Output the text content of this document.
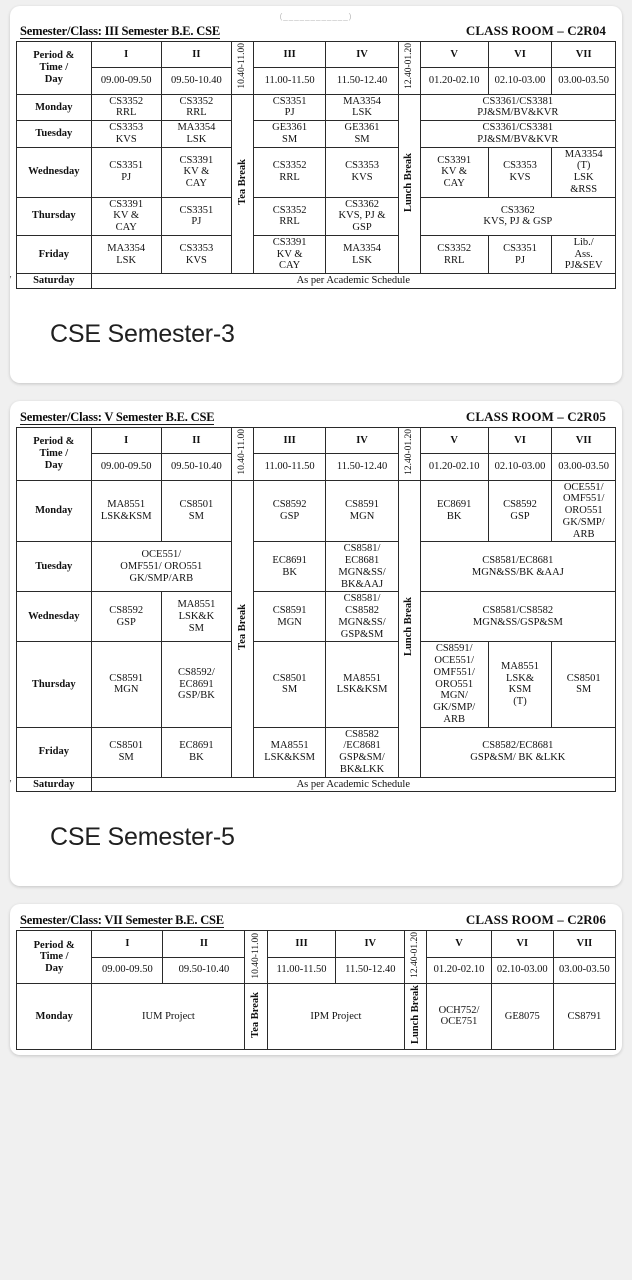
(____________)
Semester/Class: III Semester B.E. CSE	CLASS ROOM – C2R04
Period &
Time /
Day	I	II	10.40-11.00	III	IV	12.40-01.20	V	VI	VII
	09.00-09.50	09.50-10.40		11.00-11.50	11.50-12.40		01.20-02.10	02.10-03.00	03.00-03.50
Monday	CS3352
RRL	CS3352
RRL	Tea Break	CS3351
PJ	MA3354
LSK	Lunch Break	CS3361/CS3381
PJ&SM/BV&KVR		
Tuesday	CS3353
KVS	MA3354
LSK		GE3361
SM	GE3361
SM		CS3361/CS3381
PJ&SM/BV&KVR		
Wednesday	CS3351
PJ	CS3391
KV &
CAY		CS3352
RRL	CS3353
KVS		CS3391
KV &
CAY	CS3353
KVS	MA3354
(T)
LSK
&RSS
Thursday	CS3391
KV &
CAY	CS3351
PJ		CS3352
RRL	CS3362
KVS, PJ &
GSP		CS3362
KVS, PJ & GSP		
Friday	MA3354
LSK	CS3353
KVS		CS3391
KV &
CAY	MA3354
LSK		CS3352
RRL	CS3351
PJ	Lib./
Ass.
PJ&SEV
Saturday	As per Academic Schedule								
CSE Semester-3
Semester/Class: V Semester B.E. CSE	CLASS ROOM – C2R05
Period &
Time /
Day	I	II	10.40-11.00	III	IV	12.40-01.20	V	VI	VII
	09.00-09.50	09.50-10.40		11.00-11.50	11.50-12.40		01.20-02.10	02.10-03.00	03.00-03.50
Monday	MA8551
LSK&KSM	CS8501
SM	Tea Break	CS8592
GSP	CS8591
MGN	Lunch Break	EC8691
BK	CS8592
GSP	OCE551/
OMF551/
ORO551
GK/SMP/
ARB
Tuesday	OCE551/
OMF551/ ORO551
GK/SMP/ARB			EC8691
BK	CS8581/
EC8681
MGN&SS/
BK&AAJ		CS8581/EC8681
MGN&SS/BK &AAJ		
Wednesday	CS8592
GSP	MA8551
LSK&K
SM		CS8591
MGN	CS8581/
CS8582
MGN&SS/
GSP&SM		CS8581/CS8582
MGN&SS/GSP&SM		
Thursday	CS8591
MGN	CS8592/
EC8691
GSP/BK	CS8501
SM	MA8551
LSK&KSM	CS8591/
OCE551/
OMF551/
ORO551
MGN/
GK/SMP/
ARB	MA8551
LSK&
KSM
(T)	CS8501
SM
Friday	CS8501
SM	EC8691
BK		MA8551
LSK&KSM	CS8582
/EC8681
GSP&SM/
BK&LKK		CS8582/EC8681
GSP&SM/ BK &LKK		
Saturday	As per Academic Schedule								
CSE Semester-5
Semester/Class: VII Semester B.E. CSE	CLASS ROOM – C2R06
Period &
Time /
Day	I	II	10.40-11.00	III	IV	12.40-01.20	V	VI	VII
	09.00-09.50	09.50-10.40		11.00-11.50	11.50-12.40		01.20-02.10	02.10-03.00	03.00-03.50
Monday	IUM Project		Tea Break	IPM Project		Lunch Break	OCH752/
OCE751	GE8075	CS8791
